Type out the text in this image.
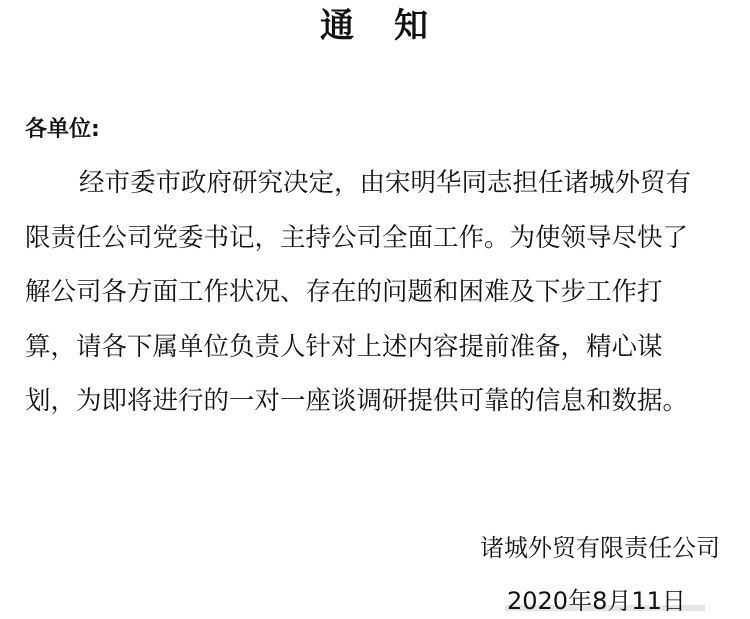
通 知
各单位:
经市委市政府研究决定，由宋明华同志担任诸城外贸有
限责任公司党委书记，主持公司全面工作。为使领导尽快了
解公司各方面工作状况、存在的问题和困难及下步工作打
算，请各下属单位负责人针对上述内容提前准备，精心谋
划，为即将进行的一对一座谈调研提供可靠的信息和数据。
诸城外贸有限责任公司
2020年8月11日
